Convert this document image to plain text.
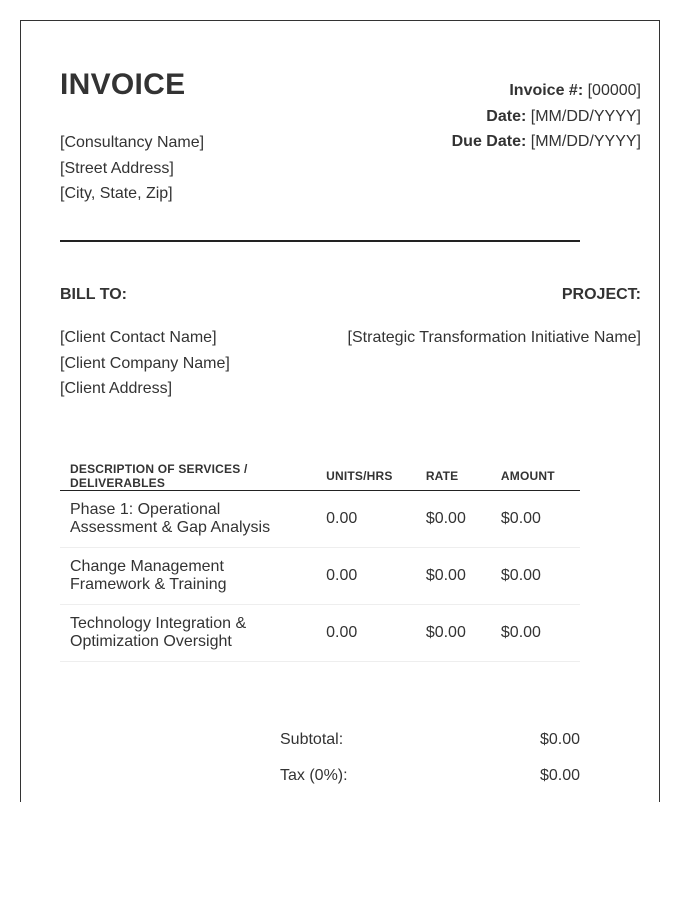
INVOICE
[Consultancy Name]
[Street Address]
[City, State, Zip]
Invoice #: [00000]
Date: [MM/DD/YYYY]
Due Date: [MM/DD/YYYY]
BILL TO:	PROJECT:
[Client Contact Name]
[Client Company Name]
[Client Address]
[Strategic Transformation Initiative Name]
DESCRIPTION OF SERVICES / DELIVERABLES	UNITS/HRS	RATE	AMOUNT
Phase 1: Operational Assessment & Gap Analysis	0.00	$0.00	$0.00
Change Management Framework & Training	0.00	$0.00	$0.00
Technology Integration & Optimization Oversight	0.00	$0.00	$0.00
Subtotal:	$0.00
Tax (0%):	$0.00
